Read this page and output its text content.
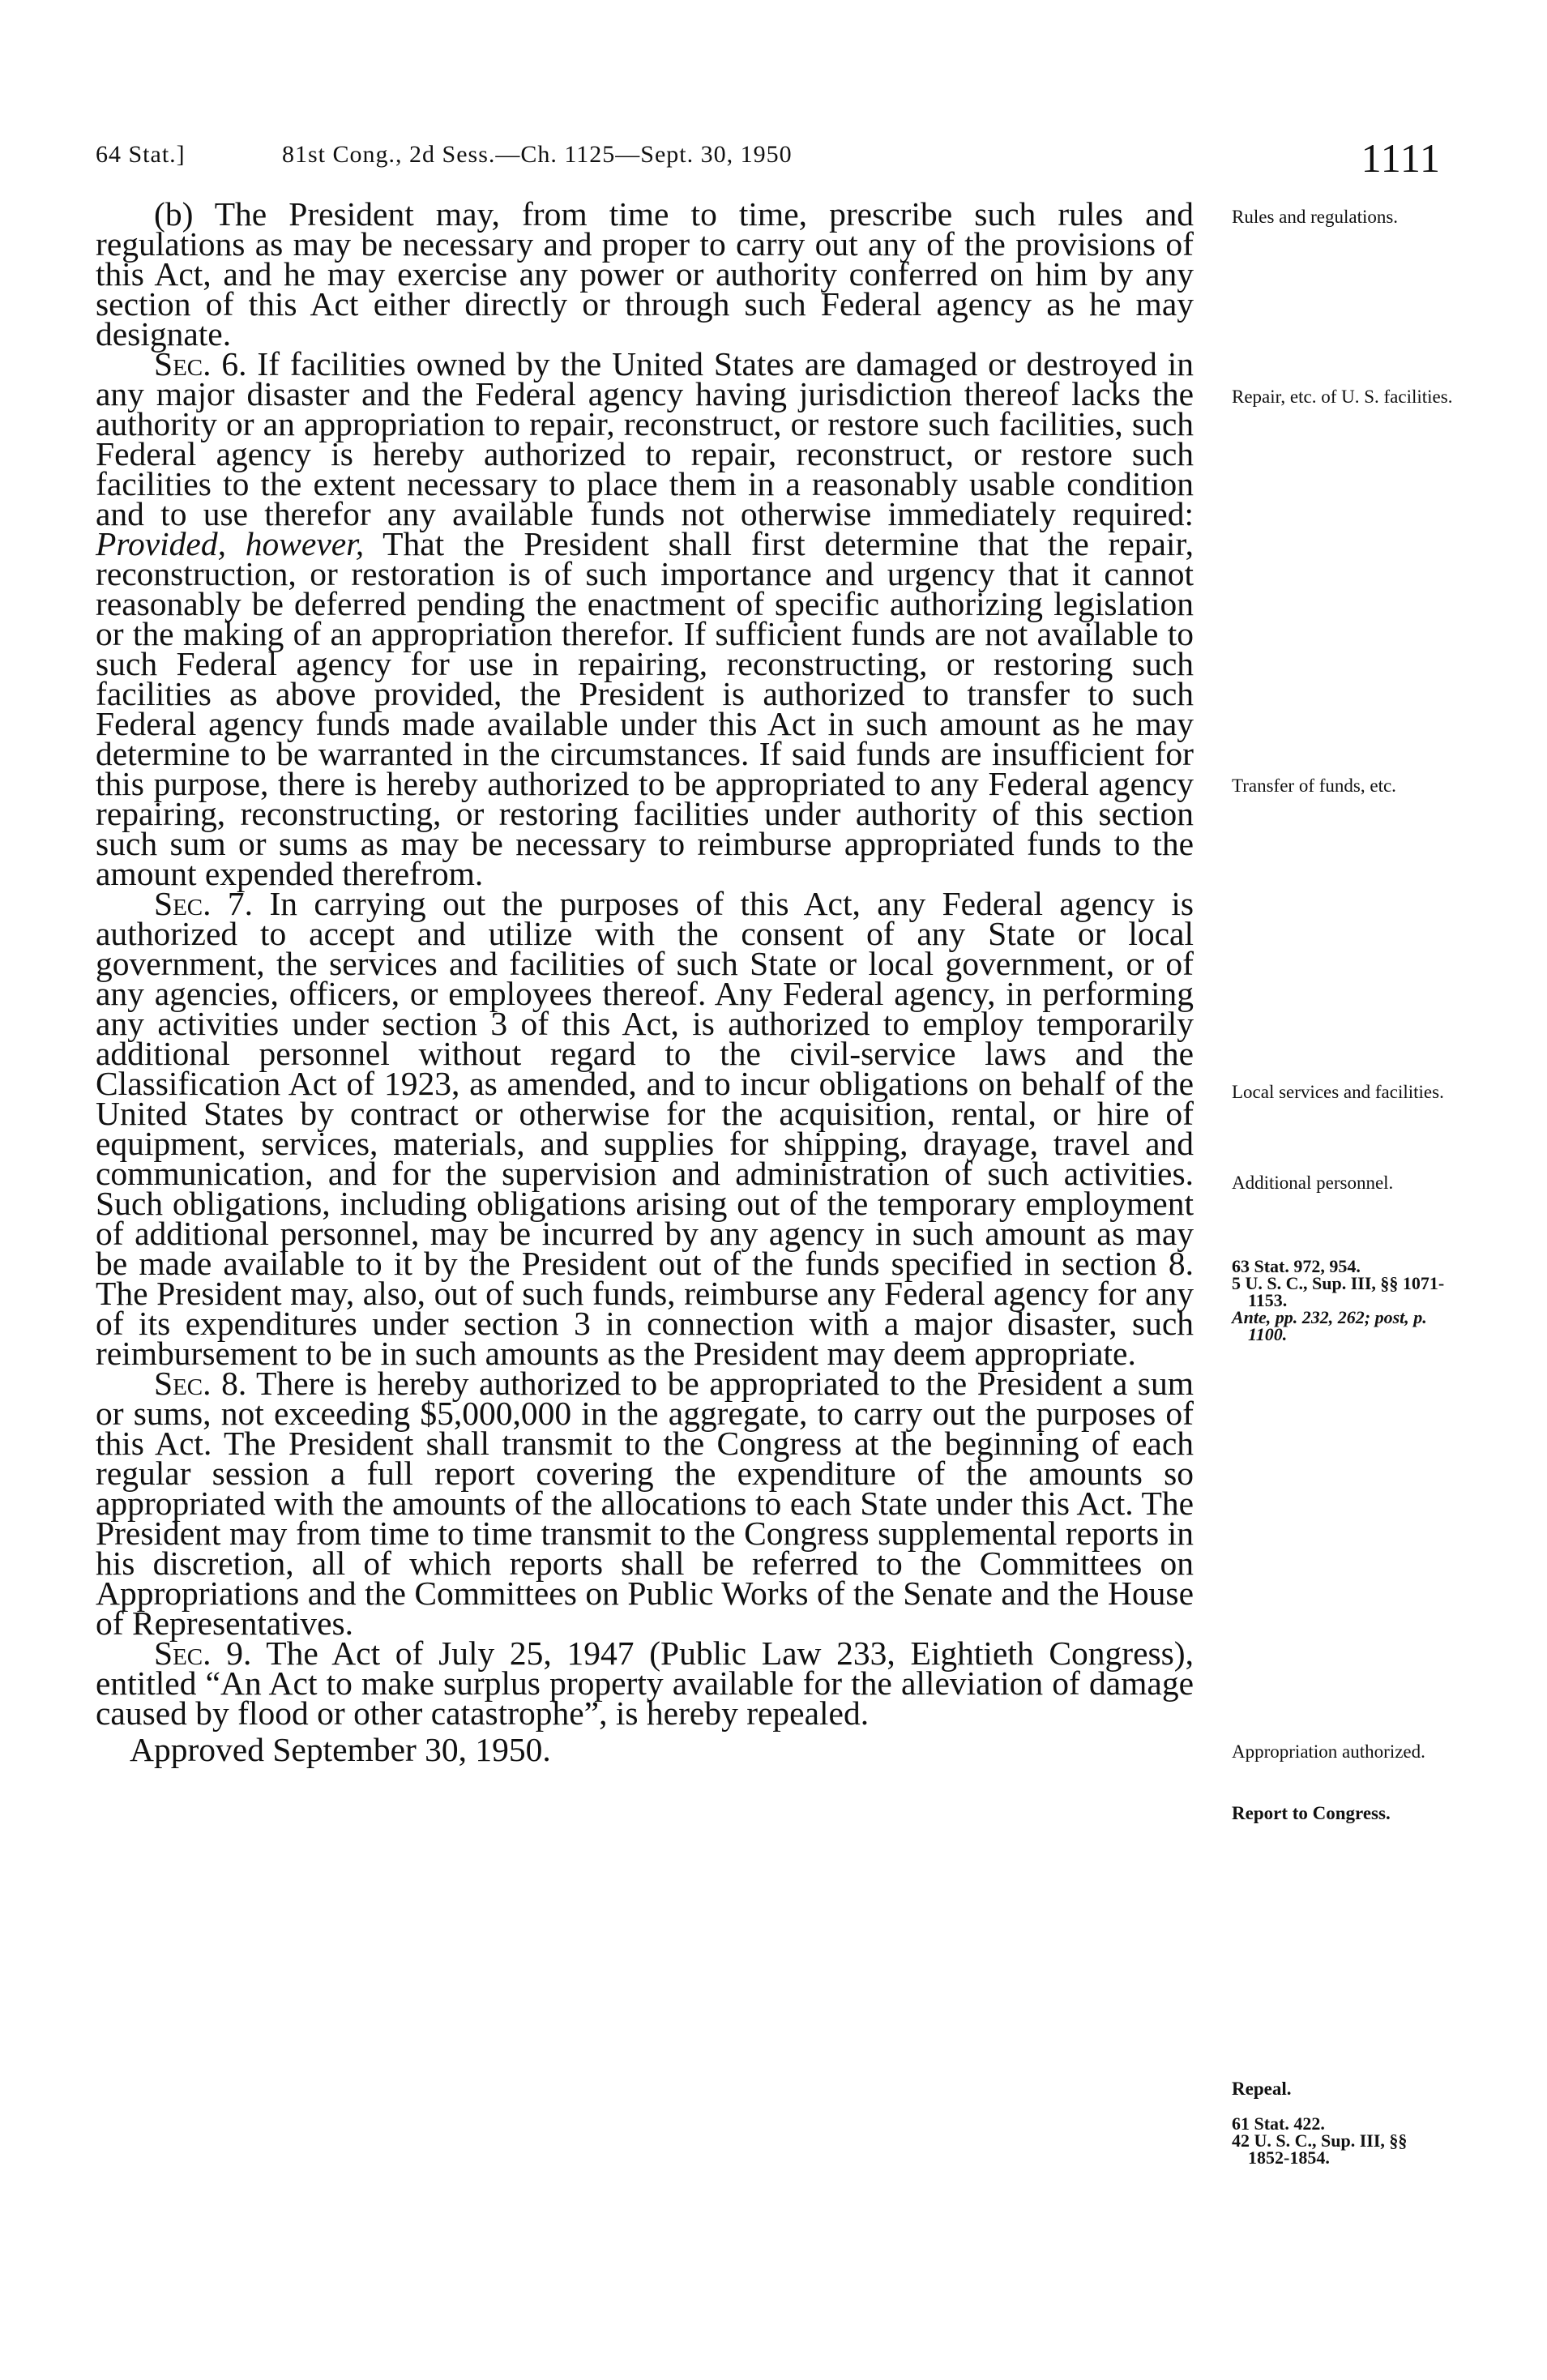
64 Stat.]	81st Cong., 2d Sess.—Ch. 1125—Sept. 30, 1950	1111

(b) The President may, from time to time, prescribe such rules and regulations as may be necessary and proper to carry out any of the provisions of this Act, and he may exercise any power or authority conferred on him by any section of this Act either directly or through such Federal agency as he may designate.

Sec. 6. If facilities owned by the United States are damaged or destroyed in any major disaster and the Federal agency having jurisdiction thereof lacks the authority or an appropriation to repair, reconstruct, or restore such facilities, such Federal agency is hereby authorized to repair, reconstruct, or restore such facilities to the extent necessary to place them in a reasonably usable condition and to use therefor any available funds not otherwise immediately required: Provided, however, That the President shall first determine that the repair, reconstruction, or restoration is of such importance and urgency that it cannot reasonably be deferred pending the enactment of specific authorizing legislation or the making of an appropriation therefor. If sufficient funds are not available to such Federal agency for use in repairing, reconstructing, or restoring such facilities as above provided, the President is authorized to transfer to such Federal agency funds made available under this Act in such amount as he may determine to be warranted in the circumstances. If said funds are insufficient for this purpose, there is hereby authorized to be appropriated to any Federal agency repairing, reconstructing, or restoring facilities under authority of this section such sum or sums as may be necessary to reimburse appropriated funds to the amount expended therefrom.

Sec. 7. In carrying out the purposes of this Act, any Federal agency is authorized to accept and utilize with the consent of any State or local government, the services and facilities of such State or local government, or of any agencies, officers, or employees thereof. Any Federal agency, in performing any activities under section 3 of this Act, is authorized to employ temporarily additional personnel without regard to the civil-service laws and the Classification Act of 1923, as amended, and to incur obligations on behalf of the United States by contract or otherwise for the acquisition, rental, or hire of equipment, services, materials, and supplies for shipping, drayage, travel and communication, and for the supervision and administration of such activities. Such obligations, including obligations arising out of the temporary employment of additional personnel, may be incurred by any agency in such amount as may be made available to it by the President out of the funds specified in section 8. The President may, also, out of such funds, reimburse any Federal agency for any of its expenditures under section 3 in connection with a major disaster, such reimbursement to be in such amounts as the President may deem appropriate.

Sec. 8. There is hereby authorized to be appropriated to the President a sum or sums, not exceeding $5,000,000 in the aggregate, to carry out the purposes of this Act. The President shall transmit to the Congress at the beginning of each regular session a full report covering the expenditure of the amounts so appropriated with the amounts of the allocations to each State under this Act. The President may from time to time transmit to the Congress supplemental reports in his discretion, all of which reports shall be referred to the Committees on Appropriations and the Committees on Public Works of the Senate and the House of Representatives.

Sec. 9. The Act of July 25, 1947 (Public Law 233, Eightieth Congress), entitled “An Act to make surplus property available for the alleviation of damage caused by flood or other catastrophe”, is hereby repealed.

Approved September 30, 1950.

Rules and regulations.
Repair, etc. of U. S. facilities.
Transfer of funds, etc.
Local services and facilities.
Additional personnel.
63 Stat. 972, 954.
5 U. S. C., Sup. III, §§ 1071-1153.
Ante, pp. 232, 262; post, p. 1100.
Appropriation authorized.
Report to Congress.
Repeal.
61 Stat. 422.
42 U. S. C., Sup. III, §§ 1852-1854.
